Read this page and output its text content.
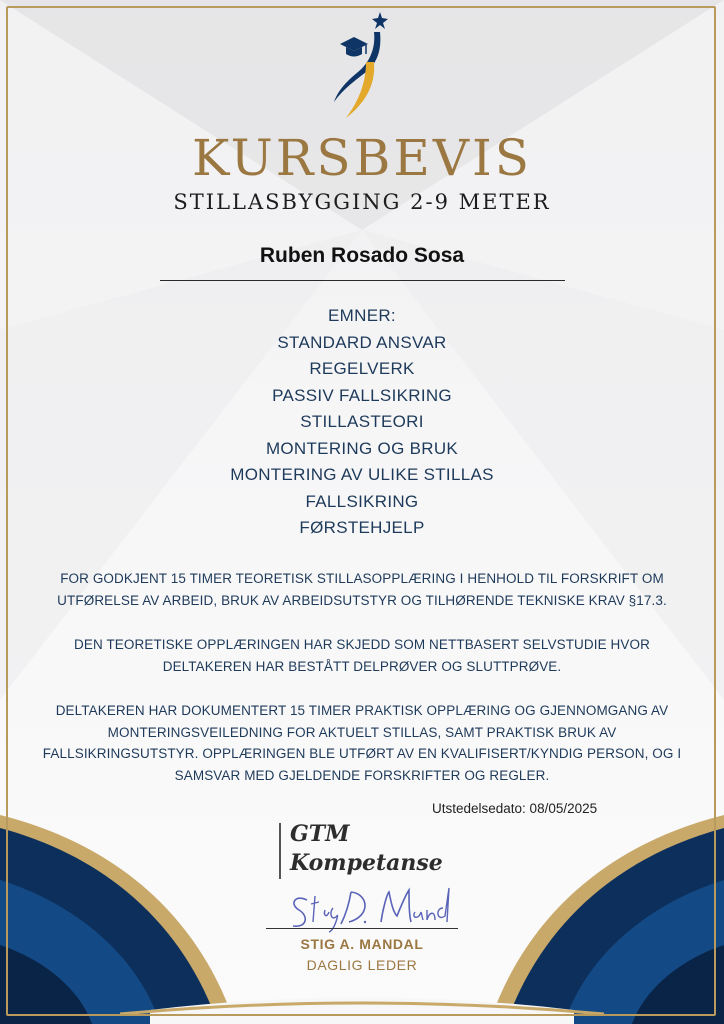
KURSBEVIS
STILLASBYGGING 2-9 METER
Ruben Rosado Sosa
EMNER:
STANDARD ANSVAR
REGELVERK
PASSIV FALLSIKRING
STILLASTEORI
MONTERING OG BRUK
MONTERING AV ULIKE STILLAS
FALLSIKRING
FØRSTEHJELP

FOR GODKJENT 15 TIMER TEORETISK STILLASOPPLÆRING I HENHOLD TIL FORSKRIFT OM
UTFØRELSE AV ARBEID, BRUK AV ARBEIDSUTSTYR OG TILHØRENDE TEKNISKE KRAV §17.3.

DEN TEORETISKE OPPLÆRINGEN HAR SKJEDD SOM NETTBASERT SELVSTUDIE HVOR
DELTAKEREN HAR BESTÅTT DELPRØVER OG SLUTTPRØVE.

DELTAKEREN HAR DOKUMENTERT 15 TIMER PRAKTISK OPPLÆRING OG GJENNOMGANG AV
MONTERINGSVEILEDNING FOR AKTUELT STILLAS, SAMT PRAKTISK BRUK AV
FALLSIKRINGSUTSTYR. OPPLÆRINGEN BLE UTFØRT AV EN KVALIFISERT/KYNDIG PERSON, OG I
SAMSVAR MED GJELDENDE FORSKRIFTER OG REGLER.

Utstedelsedato: 08/05/2025
GTM
Kompetanse
Stig A. Mandal
STIG A. MANDAL
DAGLIG LEDER
